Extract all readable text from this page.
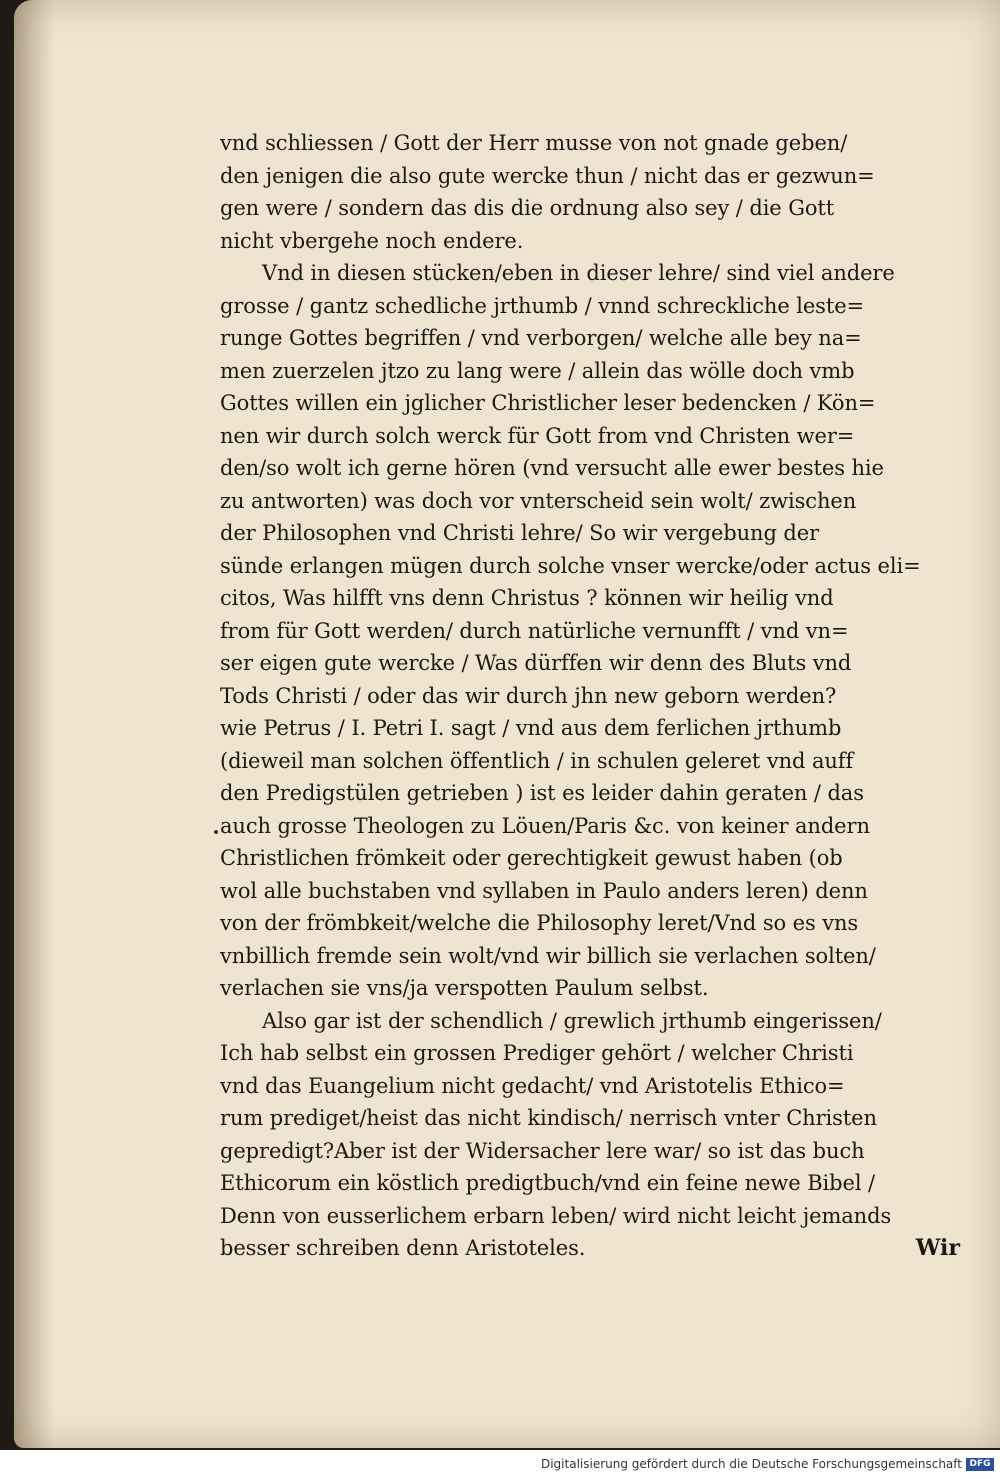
vnd schliessen / Gott der Herr musse von not gnade geben/
den jenigen die also gute wercke thun / nicht das er gezwun=
gen were / sondern das dis die ordnung also sey / die Gott
nicht vbergehe noch endere.
Vnd in diesen stücken/eben in dieser lehre/ sind viel andere
grosse / gantz schedliche jrthumb / vnnd schreckliche leste=
runge Gottes begriffen / vnd verborgen/ welche alle bey na=
men zuerzelen jtzo zu lang were / allein das wölle doch vmb
Gottes willen ein jglicher Christlicher leser bedencken / Kön=
nen wir durch solch werck für Gott from vnd Christen wer=
den/so wolt ich gerne hören (vnd versucht alle ewer bestes hie
zu antworten) was doch vor vnterscheid sein wolt/ zwischen
der Philosophen vnd Christi lehre/ So wir vergebung der
sünde erlangen mügen durch solche vnser wercke/oder actus eli=
citos, Was hilfft vns denn Christus ? können wir heilig vnd
from für Gott werden/ durch natürliche vernunfft / vnd vn=
ser eigen gute wercke / Was dürffen wir denn des Bluts vnd
Tods Christi / oder das wir durch jhn new geborn werden?
wie Petrus / I. Petri I. sagt / vnd aus dem ferlichen jrthumb
(dieweil man solchen öffentlich / in schulen geleret vnd auff
den Predigstülen getrieben ) ist es leider dahin geraten / das
auch grosse Theologen zu Löuen/Paris &c. von keiner andern
Christlichen frömkeit oder gerechtigkeit gewust haben (ob
wol alle buchstaben vnd syllaben in Paulo anders leren) denn
von der frömbkeit/welche die Philosophy leret/Vnd so es vns
vnbillich fremde sein wolt/vnd wir billich sie verlachen solten/
verlachen sie vns/ja verspotten Paulum selbst.
Also gar ist der schendlich / grewlich jrthumb eingerissen/
Ich hab selbst ein grossen Prediger gehört / welcher Christi
vnd das Euangelium nicht gedacht/ vnd Aristotelis Ethico=
rum prediget/heist das nicht kindisch/ nerrisch vnter Christen
gepredigt?Aber ist der Widersacher lere war/ so ist das buch
Ethicorum ein köstlich predigtbuch/vnd ein feine newe Bibel /
Denn von eusserlichem erbarn leben/ wird nicht leicht jemands
besser schreiben denn Aristoteles.	Wir
Digitalisierung gefördert durch die Deutsche Forschungsgemeinschaft DFG
